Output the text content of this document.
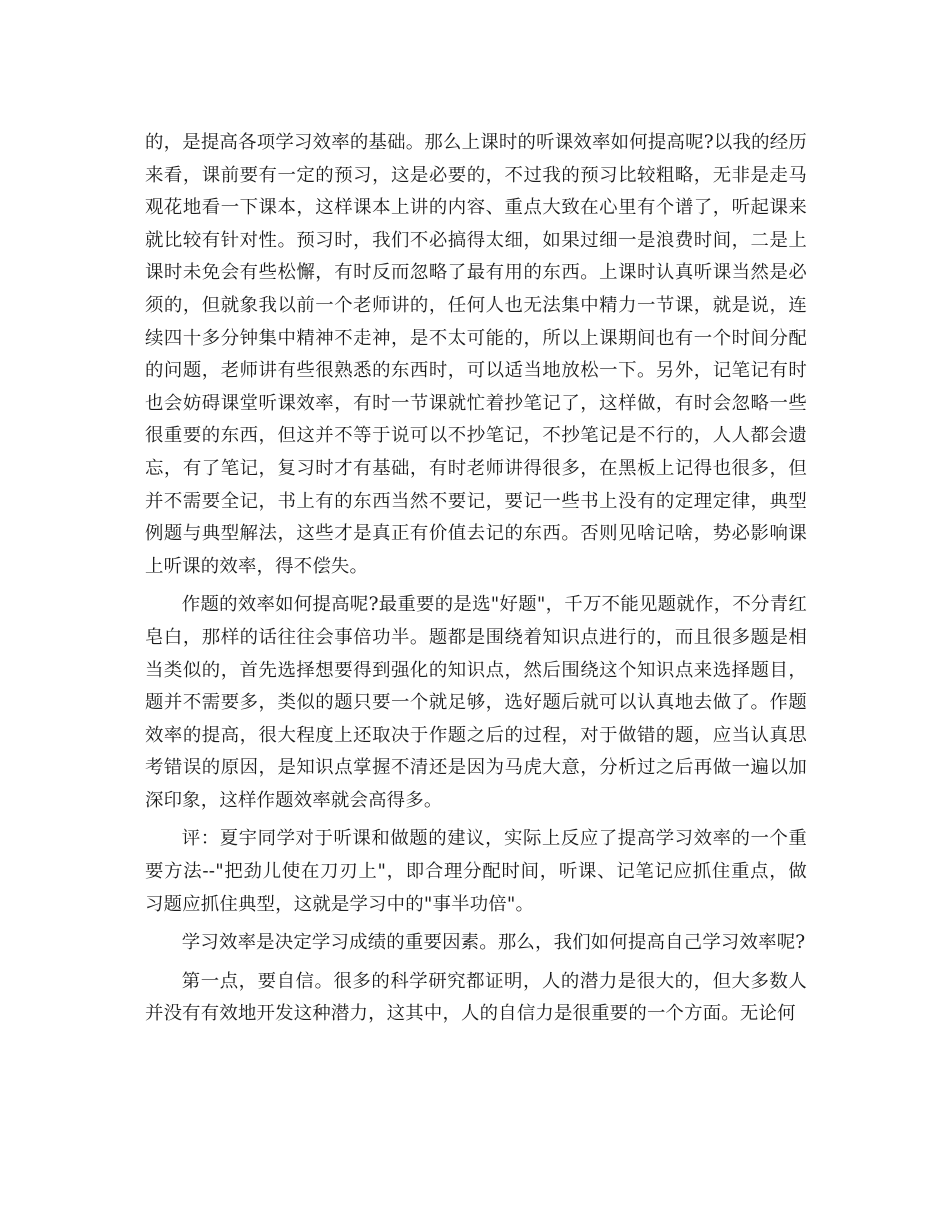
的，是提高各项学习效率的基础。那么上课时的听课效率如何提高呢?以我的经历来看，课前要有一定的预习，这是必要的，不过我的预习比较粗略，无非是走马观花地看一下课本，这样课本上讲的内容、重点大致在心里有个谱了，听起课来就比较有针对性。预习时，我们不必搞得太细，如果过细一是浪费时间，二是上课时未免会有些松懈，有时反而忽略了最有用的东西。上课时认真听课当然是必须的，但就象我以前一个老师讲的，任何人也无法集中精力一节课，就是说，连续四十多分钟集中精神不走神，是不太可能的，所以上课期间也有一个时间分配的问题，老师讲有些很熟悉的东西时，可以适当地放松一下。另外，记笔记有时也会妨碍课堂听课效率，有时一节课就忙着抄笔记了，这样做，有时会忽略一些很重要的东西，但这并不等于说可以不抄笔记，不抄笔记是不行的，人人都会遗忘，有了笔记，复习时才有基础，有时老师讲得很多，在黑板上记得也很多，但并不需要全记，书上有的东西当然不要记，要记一些书上没有的定理定律，典型例题与典型解法，这些才是真正有价值去记的东西。否则见啥记啥，势必影响课上听课的效率，得不偿失。

作题的效率如何提高呢?最重要的是选"好题"，千万不能见题就作，不分青红皂白，那样的话往往会事倍功半。题都是围绕着知识点进行的，而且很多题是相当类似的，首先选择想要得到强化的知识点，然后围绕这个知识点来选择题目，题并不需要多，类似的题只要一个就足够，选好题后就可以认真地去做了。作题效率的提高，很大程度上还取决于作题之后的过程，对于做错的题，应当认真思考错误的原因，是知识点掌握不清还是因为马虎大意，分析过之后再做一遍以加深印象，这样作题效率就会高得多。

评：夏宇同学对于听课和做题的建议，实际上反应了提高学习效率的一个重要方法--"把劲儿使在刀刃上"，即合理分配时间，听课、记笔记应抓住重点，做习题应抓住典型，这就是学习中的"事半功倍"。

学习效率是决定学习成绩的重要因素。那么，我们如何提高自己学习效率呢?

第一点，要自信。很多的科学研究都证明，人的潜力是很大的，但大多数人并没有有效地开发这种潜力，这其中，人的自信力是很重要的一个方面。无论何
